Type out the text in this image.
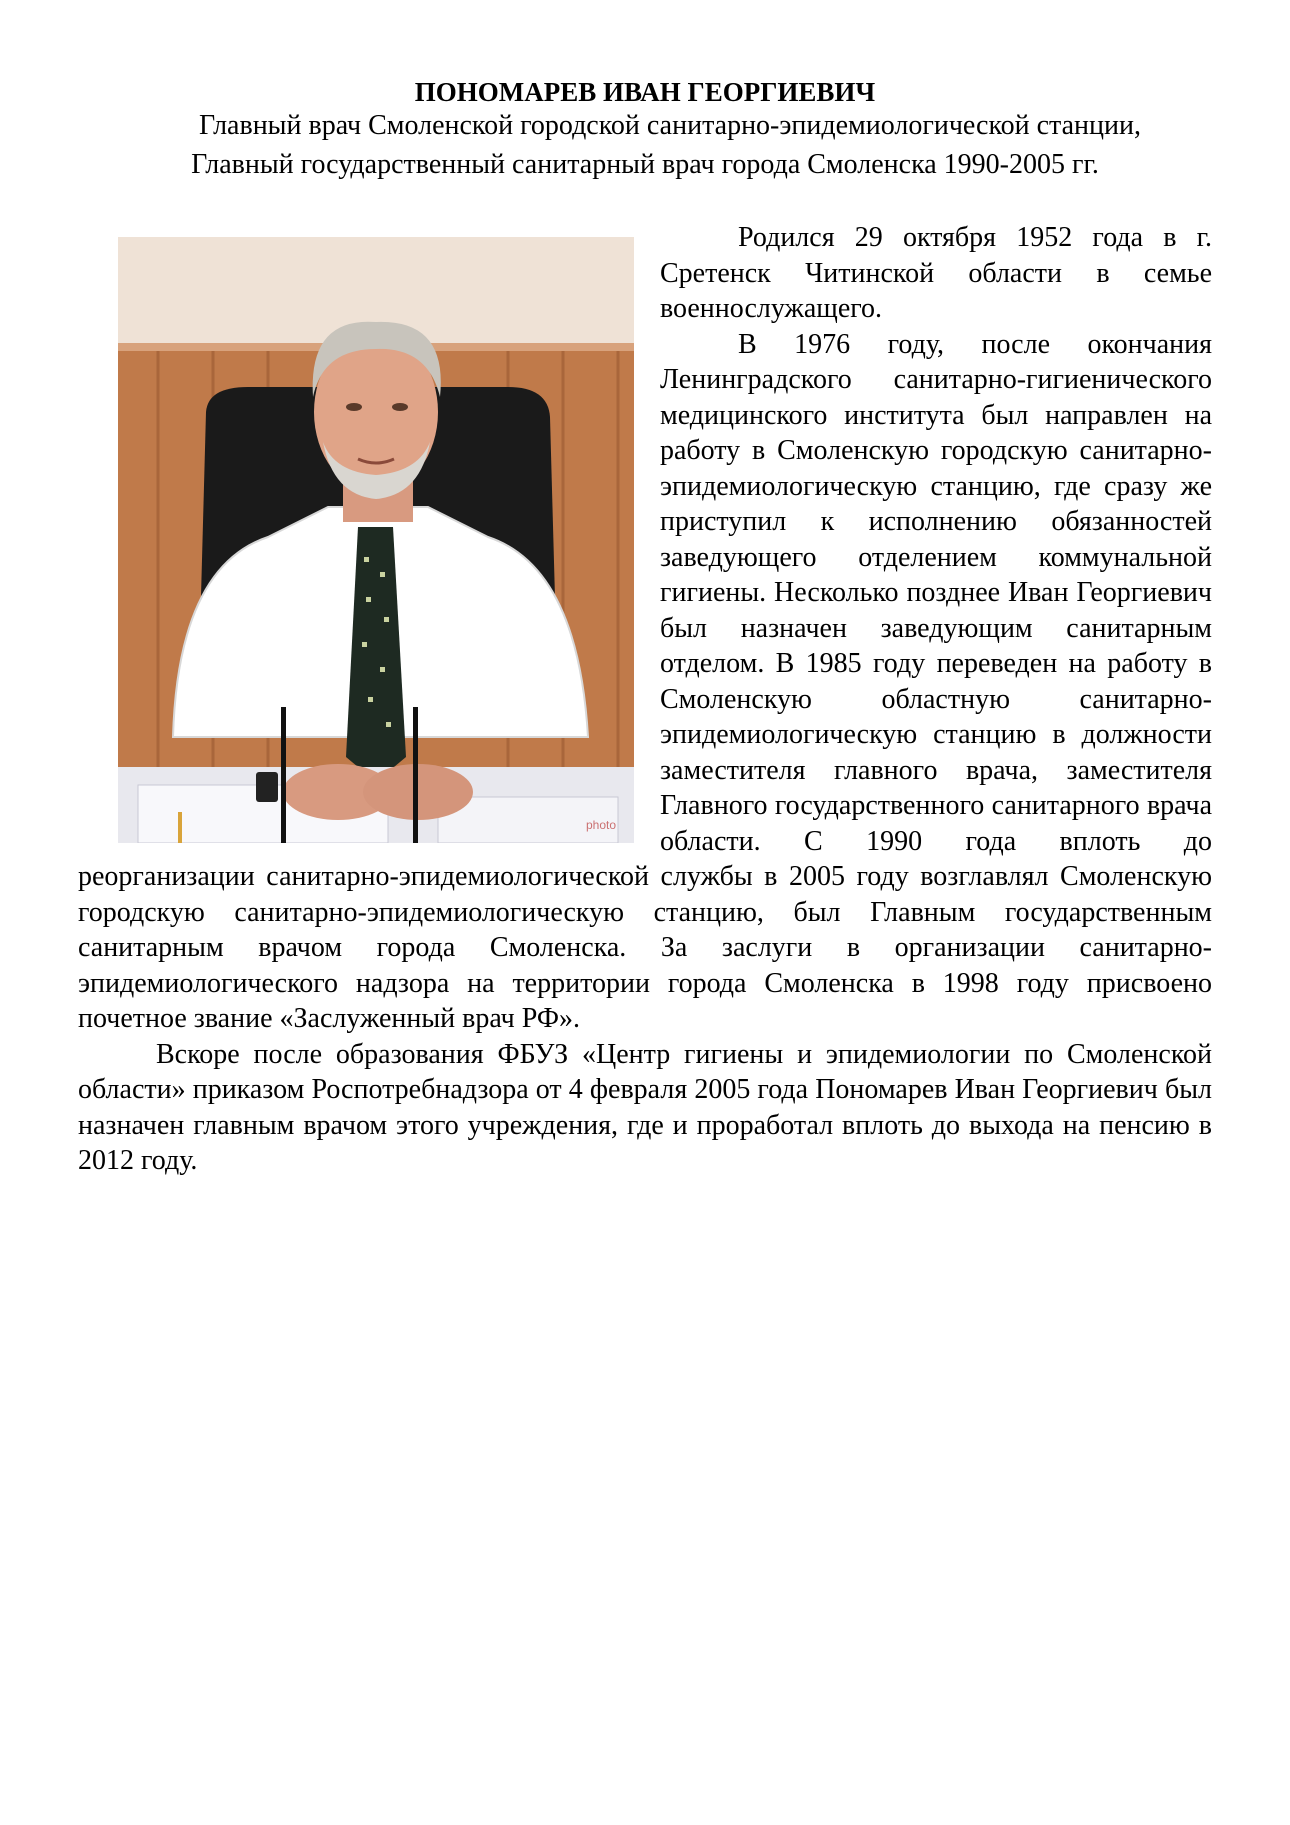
ПОНОМАРЕВ ИВАН ГЕОРГИЕВИЧ
Главный врач Смоленской городской санитарно-эпидемиологической станции,
Главный государственный санитарный врач города Смоленска 1990-2005 гг.
photo

Родился 29 октября 1952 года в г. Сретенск Читинской области в семье военнослужащего.

В 1976 году, после окончания Ленинградского санитарно-гигиенического медицинского института был направлен на работу в Смоленскую городскую санитарно-эпидемиологическую станцию, где сразу же приступил к исполнению обязанностей заведующего отделением коммунальной гигиены. Несколько позднее Иван Георгиевич был назначен заведующим санитарным отделом. В 1985 году переведен на работу в Смоленскую областную санитарно-эпидемиологическую станцию в должности заместителя главного врача, заместителя Главного государственного санитарного врача области. С 1990 года вплоть до реорганизации санитарно-эпидемиологической службы в 2005 году возглавлял Смоленскую городскую санитарно-эпидемиологическую станцию, был Главным государственным санитарным врачом города Смоленска. За заслуги в организации санитарно-эпидемиологического надзора на территории города Смоленска в 1998 году присвоено почетное звание «Заслуженный врач РФ».

Вскоре после образования ФБУЗ «Центр гигиены и эпидемиологии по Смоленской области» приказом Роспотребнадзора от 4 февраля 2005 года Пономарев Иван Георгиевич был назначен главным врачом этого учреждения, где и проработал вплоть до выхода на пенсию в 2012 году.
